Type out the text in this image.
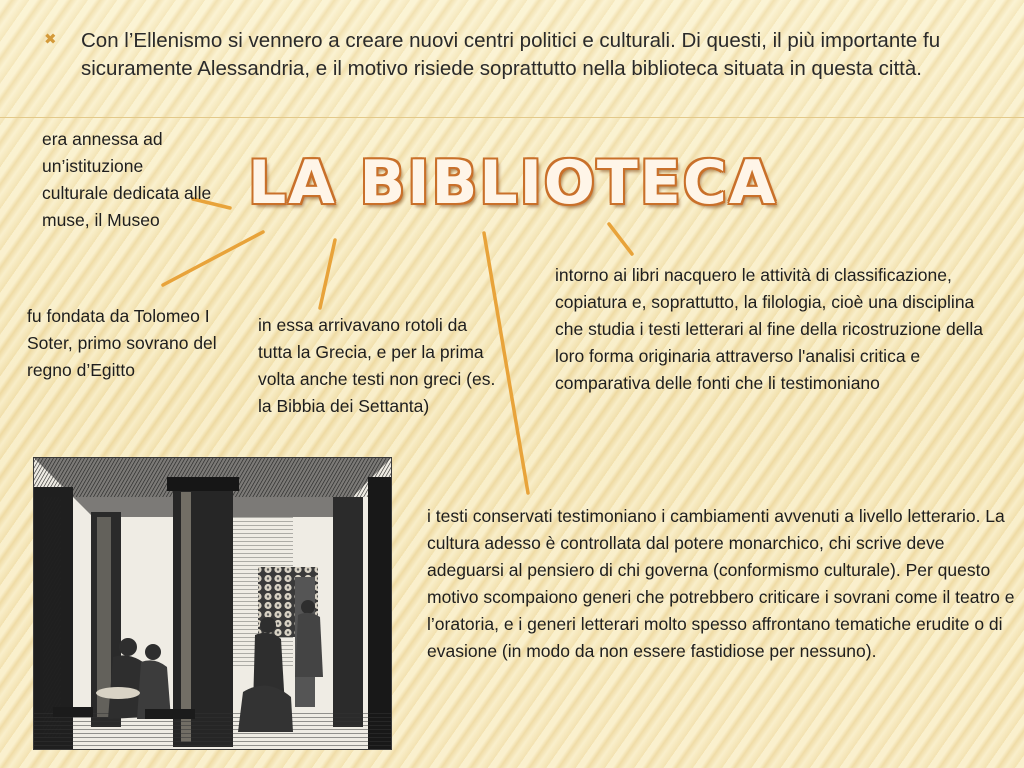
✖ Con l’Ellenismo si vennero a creare nuovi centri politici e culturali. Di questi, il più importante fu sicuramente Alessandria, e il motivo risiede soprattutto nella biblioteca situata in questa città.
LA BIBLIOTECA
era annessa ad un’istituzione culturale dedicata alle muse, il Museo
fu fondata da Tolomeo I Soter, primo sovrano del regno d’Egitto
in essa arrivavano rotoli da tutta la Grecia, e per la prima volta anche testi non greci (es. la Bibbia dei Settanta)
intorno ai libri nacquero le attività di classificazione, copiatura e, soprattutto, la filologia, cioè una disciplina che studia i testi letterari al fine della ricostruzione della loro forma originaria attraverso l'analisi critica e comparativa delle fonti che li testimoniano
i testi conservati testimoniano i cambiamenti avvenuti a livello letterario. La cultura adesso è controllata dal potere monarchico, chi scrive deve adeguarsi al pensiero di chi governa (conformismo culturale). Per questo motivo scompaiono generi che potrebbero criticare i sovrani come il teatro e l’oratoria, e i generi letterari molto spesso affrontano tematiche erudite o di evasione (in modo da non essere fastidiose per nessuno).
